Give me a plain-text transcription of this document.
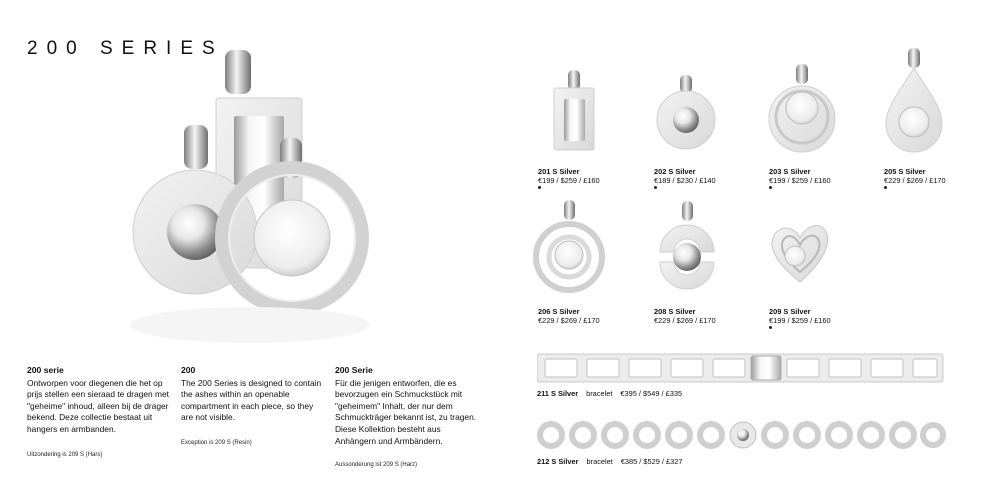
200 SERIES
200 serie

Ontworpen voor diegenen die het op prijs stellen een sieraad te dragen met "geheime" inhoud, alleen bij de drager bekend. Deze collectie bestaat uit hangers en armbanden.

Uitzondering is 209 S (Hars)
200

The 200 Series is designed to contain the ashes within an openable compartment in each piece, so they are not visible.

Exception is 209 S (Resin)
200 Serie

Für die jenigen entworfen, die es bevorzugen ein Schmuckstück mit "geheimem" Inhalt, der nur dem Schmuckträger bekannt ist, zu tragen. Diese Kollektion besteht aus Anhängern und Armbändern.

Aussonderung ist 209 S (Harz)
201 S Silver
€199 / $259 / £160
202 S Silver
€189 / $230 / £140
203 S Silver
€199 / $259 / £160
205 S Silver
€229 / $269 / £170
206 S Silver
€229 / $269 / £170
208 S Silver
€229 / $269 / £170
209 S Silver
€199 / $259 / £160
211 S Silver bracelet €395 / $549 / £335
212 S Silver bracelet €385 / $529 / £327
